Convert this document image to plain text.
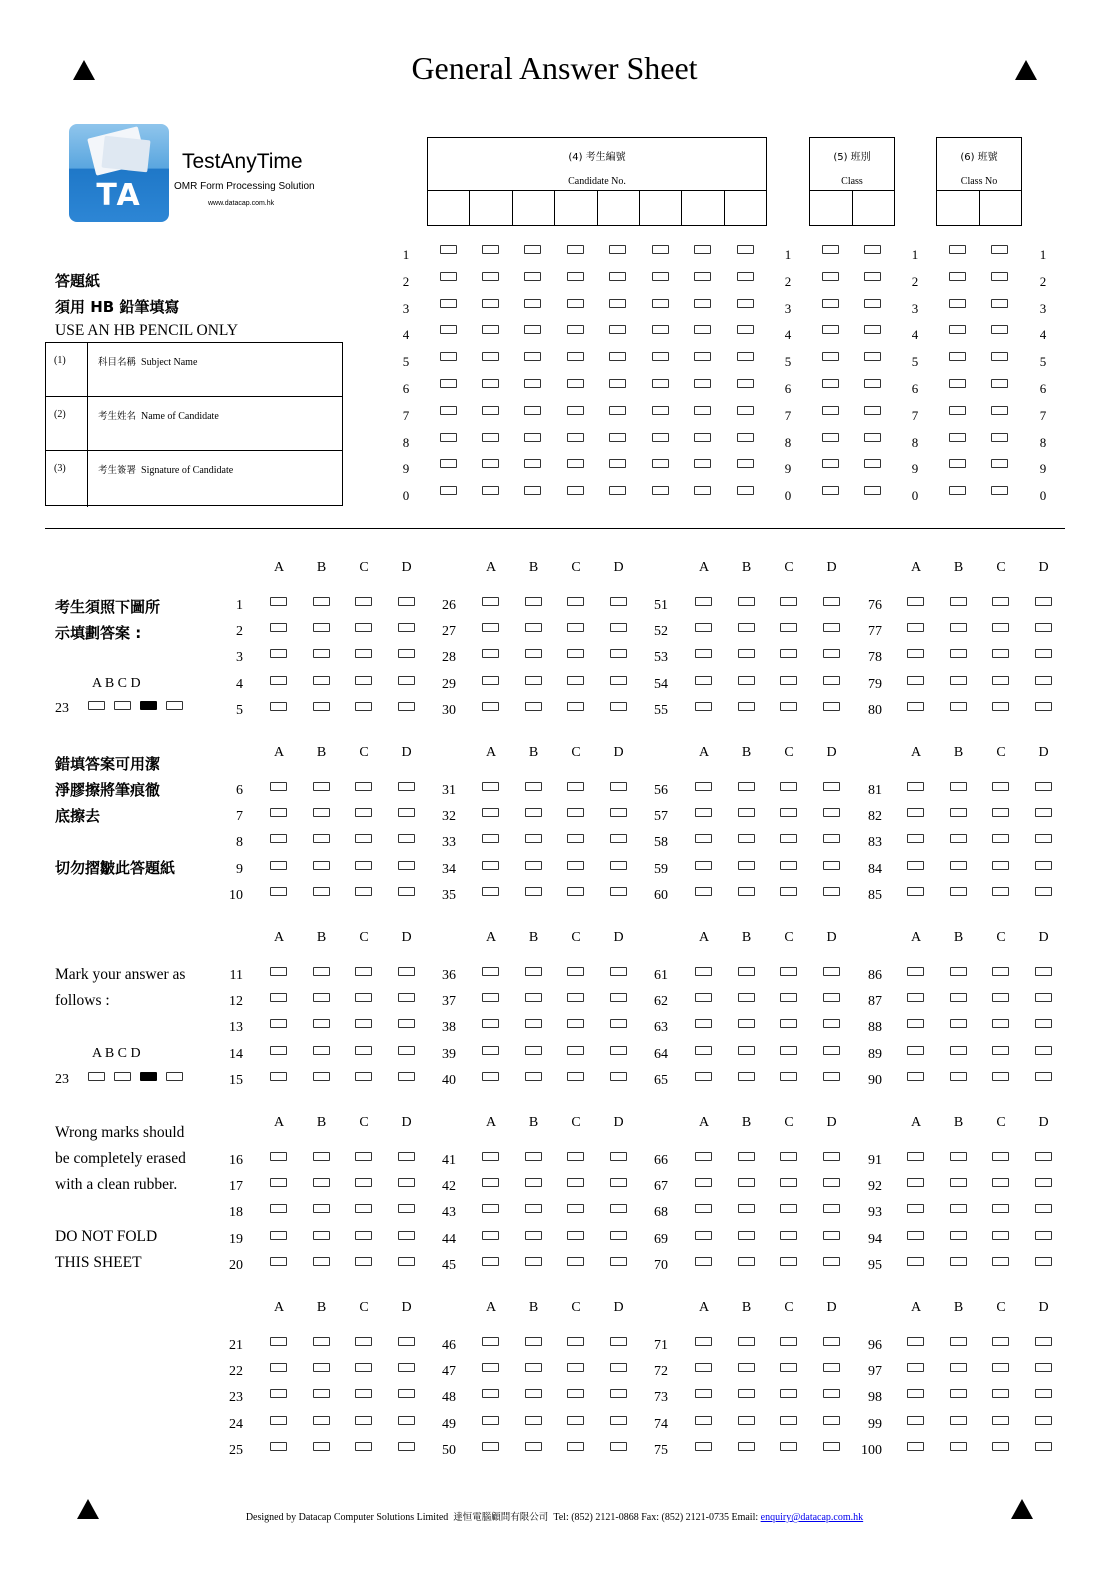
General Answer Sheet
TA
TestAnyTime
OMR Form Processing Solution
www.datacap.com.hk
(4) 考生編號
Candidate No.
(5) 班別
Class
(6) 班號
Class No
1	1	1	1
2	2	2	2
3	3	3	3
4	4	4	4
5	5	5	5
6	6	6	6
7	7	7	7
8	8	8	8
9	9	9	9
0	0	0	0
答題紙
須用 HB 鉛筆填寫
USE AN HB PENCIL ONLY
(1)	科目名稱 Subject Name
(2)	考生姓名 Name of Candidate
(3)	考生簽署 Signature of Candidate
考生須照下圖所
示填劃答案 :
A B C D
23
錯填答案可用潔
淨膠擦將筆痕徹
底擦去
切勿摺皺此答題紙
Mark your answer as
follows :
A B C D
23
Wrong marks should
be completely erased
with a clean rubber.
DO NOT FOLD
THIS SHEET
A	B	C	D
1
2
3
4
5
A	B	C	D
26
27
28
29
30
A	B	C	D
51
52
53
54
55
A	B	C	D
76
77
78
79
80
A	B	C	D
6
7
8
9
10
A	B	C	D
31
32
33
34
35
A	B	C	D
56
57
58
59
60
A	B	C	D
81
82
83
84
85
A	B	C	D
11
12
13
14
15
A	B	C	D
36
37
38
39
40
A	B	C	D
61
62
63
64
65
A	B	C	D
86
87
88
89
90
A	B	C	D
16
17
18
19
20
A	B	C	D
41
42
43
44
45
A	B	C	D
66
67
68
69
70
A	B	C	D
91
92
93
94
95
A	B	C	D
21
22
23
24
25
A	B	C	D
46
47
48
49
50
A	B	C	D
71
72
73
74
75
A	B	C	D
96
97
98
99
100
Designed by Datacap Computer Solutions Limited 達恒電腦顧問有限公司 Tel: (852) 2121-0868 Fax: (852) 2121-0735 Email: enquiry@datacap.com.hk
